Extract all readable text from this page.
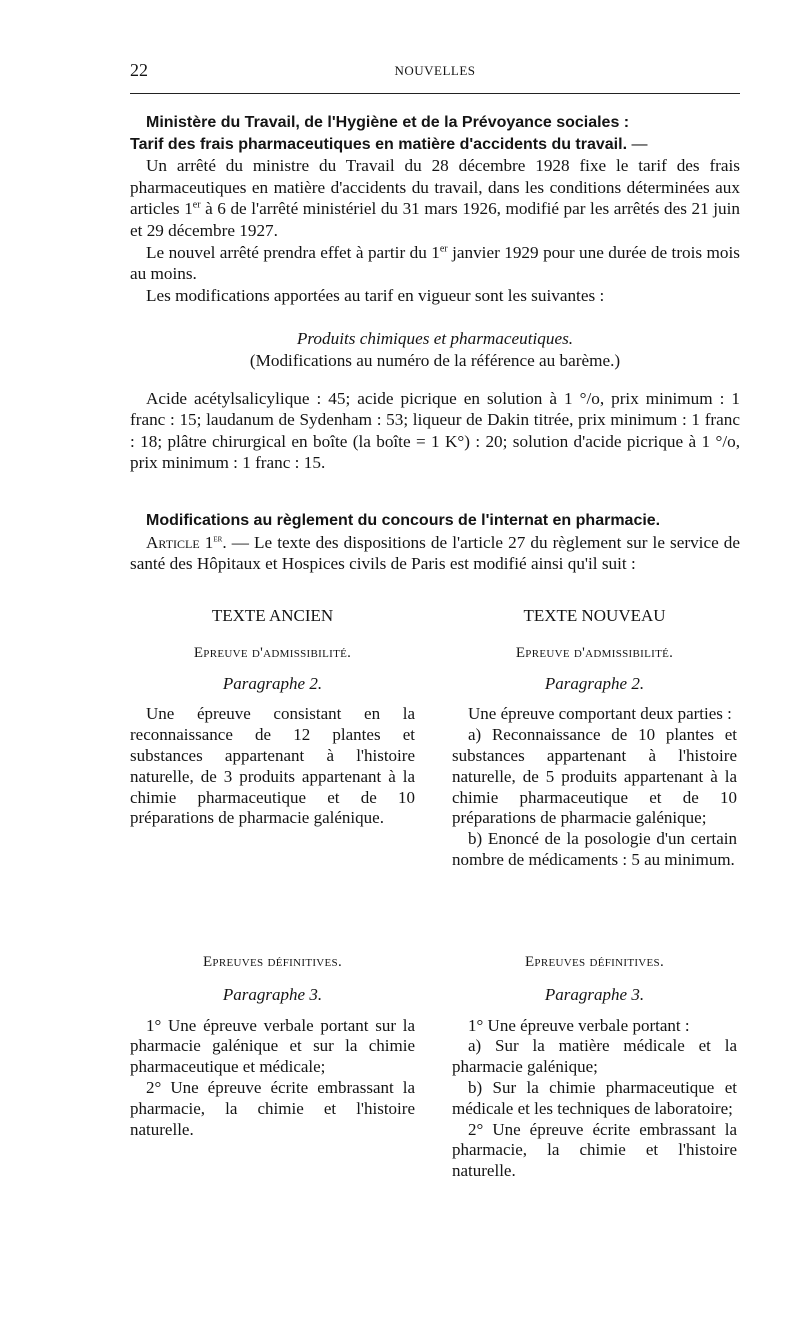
22	NOUVELLES

Ministère du Travail, de l'Hygiène et de la Prévoyance sociales :

Tarif des frais pharmaceutiques en matière d'accidents du travail. —

Un arrêté du ministre du Travail du 28 décembre 1928 fixe le tarif des frais pharmaceutiques en matière d'accidents du travail, dans les conditions déterminées aux articles 1er à 6 de l'arrêté ministériel du 31 mars 1926, modifié par les arrêtés des 21 juin et 29 décembre 1927.

Le nouvel arrêté prendra effet à partir du 1er janvier 1929 pour une durée de trois mois au moins.

Les modifications apportées au tarif en vigueur sont les suivantes :

Produits chimiques et pharmaceutiques.

(Modifications au numéro de la référence au barème.)

Acide acétylsalicylique : 45; acide picrique en solution à 1 °/o, prix minimum : 1 franc : 15; laudanum de Sydenham : 53; liqueur de Dakin titrée, prix minimum : 1 franc : 18; plâtre chirurgical en boîte (la boîte = 1 K°) : 20; solution d'acide picrique à 1 °/o, prix minimum : 1 franc : 15.

Modifications au règlement du concours de l'internat en pharmacie.

Article 1er. — Le texte des dispositions de l'article 27 du règlement sur le service de santé des Hôpitaux et Hospices civils de Paris est modifié ainsi qu'il suit :

TEXTE ANCIEN

Epreuve d'admissibilité.

Paragraphe 2.

Une épreuve consistant en la reconnaissance de 12 plantes et substances appartenant à l'histoire naturelle, de 3 produits appartenant à la chimie pharmaceutique et de 10 préparations de pharmacie galénique.

TEXTE NOUVEAU

Epreuve d'admissibilité.

Paragraphe 2.

Une épreuve comportant deux parties :

a) Reconnaissance de 10 plantes et substances appartenant à l'histoire naturelle, de 5 produits appartenant à la chimie pharmaceutique et de 10 préparations de pharmacie galénique;

b) Enoncé de la posologie d'un certain nombre de médicaments : 5 au minimum.

Epreuves définitives.

Paragraphe 3.

1° Une épreuve verbale portant sur la pharmacie galénique et sur la chimie pharmaceutique et médicale;

2° Une épreuve écrite embrassant la pharmacie, la chimie et l'histoire naturelle.

Epreuves définitives.

Paragraphe 3.

1° Une épreuve verbale portant :

a) Sur la matière médicale et la pharmacie galénique;

b) Sur la chimie pharmaceutique et médicale et les techniques de laboratoire;

2° Une épreuve écrite embrassant la pharmacie, la chimie et l'histoire naturelle.
